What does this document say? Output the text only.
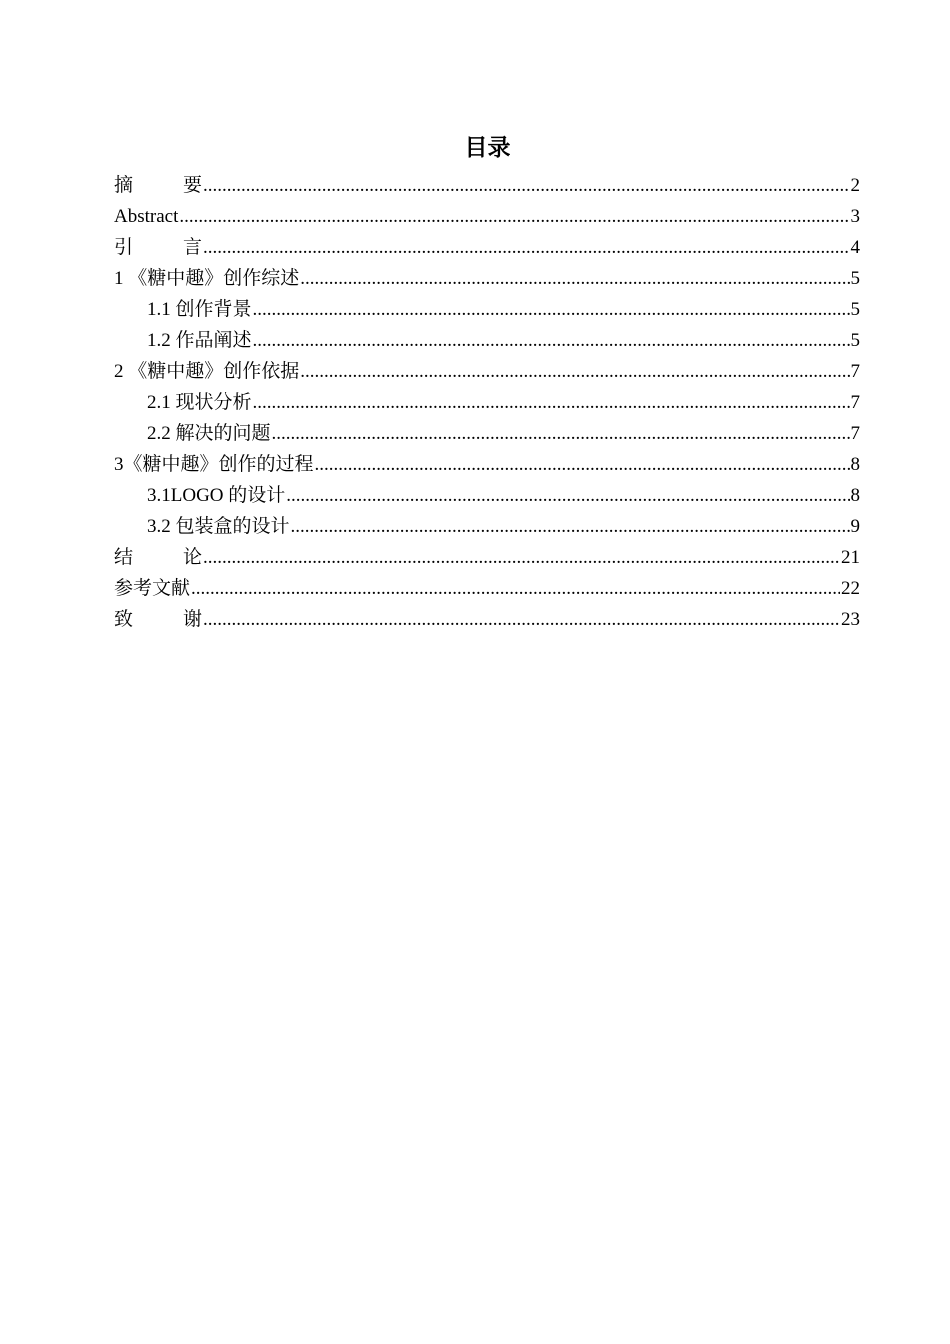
目录
摘 要 .....	2
Abstract .....	3
引 言 .....	4
1 《糖中趣》创作综述 .....	5
1.1 创作背景 .....	5
1.2 作品阐述 .....	5
2 《糖中趣》创作依据 .....	7
2.1 现状分析 .....	7
2.2 解决的问题 .....	7
3《糖中趣》创作的过程 .....	8
3.1LOGO 的设计 .....	8
3.2 包装盒的设计 .....	9
结 论 .....	21
参考文献 .....	22
致 谢 .....	23
